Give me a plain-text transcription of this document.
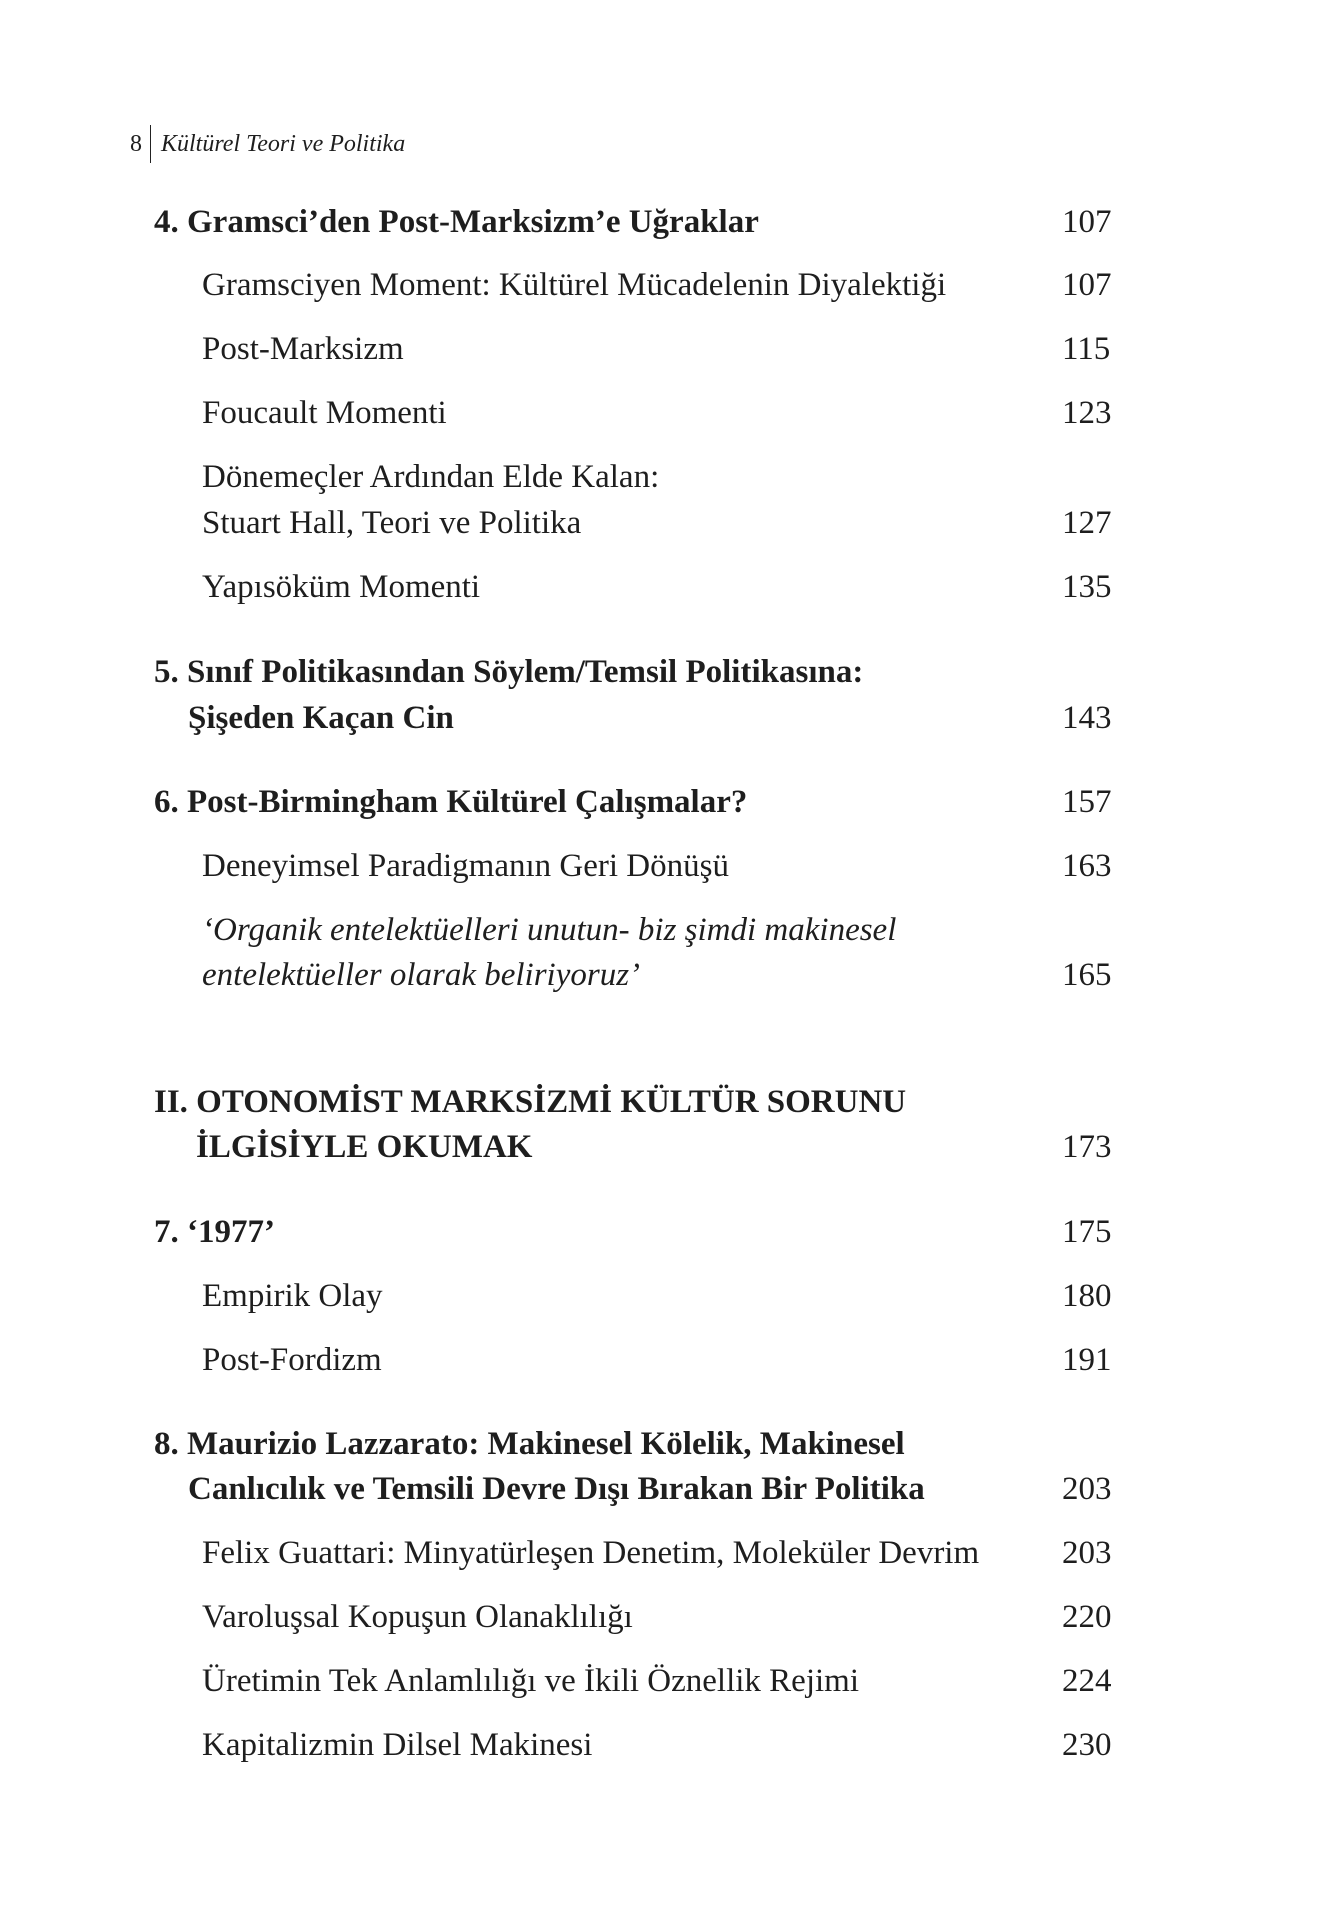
8 Kültürel Teori ve Politika
4. Gramsci’den Post-Marksizm’e Uğraklar	107
Gramsciyen Moment: Kültürel Mücadelenin Diyalektiği	107
Post-Marksizm	115
Foucault Momenti	123
Dönemeçler Ardından Elde Kalan:
Stuart Hall, Teori ve Politika	127
Yapısöküm Momenti	135
5. Sınıf Politikasından Söylem/Temsil Politikasına:
Şişeden Kaçan Cin	143
6. Post-Birmingham Kültürel Çalışmalar?	157
Deneyimsel Paradigmanın Geri Dönüşü	163
‘Organik entelektüelleri unutun- biz şimdi makinesel
entelektüeller olarak beliriyoruz’	165
II. OTONOMİST MARKSİZMİ KÜLTÜR SORUNU
İLGİSİYLE OKUMAK	173
7. ‘1977’	175
Empirik Olay	180
Post-Fordizm	191
8. Maurizio Lazzarato: Makinesel Kölelik, Makinesel
Canlıcılık ve Temsili Devre Dışı Bırakan Bir Politika	203
Felix Guattari: Minyatürleşen Denetim, Moleküler Devrim	203
Varoluşsal Kopuşun Olanaklılığı	220
Üretimin Tek Anlamlılığı ve İkili Öznellik Rejimi	224
Kapitalizmin Dilsel Makinesi	230
